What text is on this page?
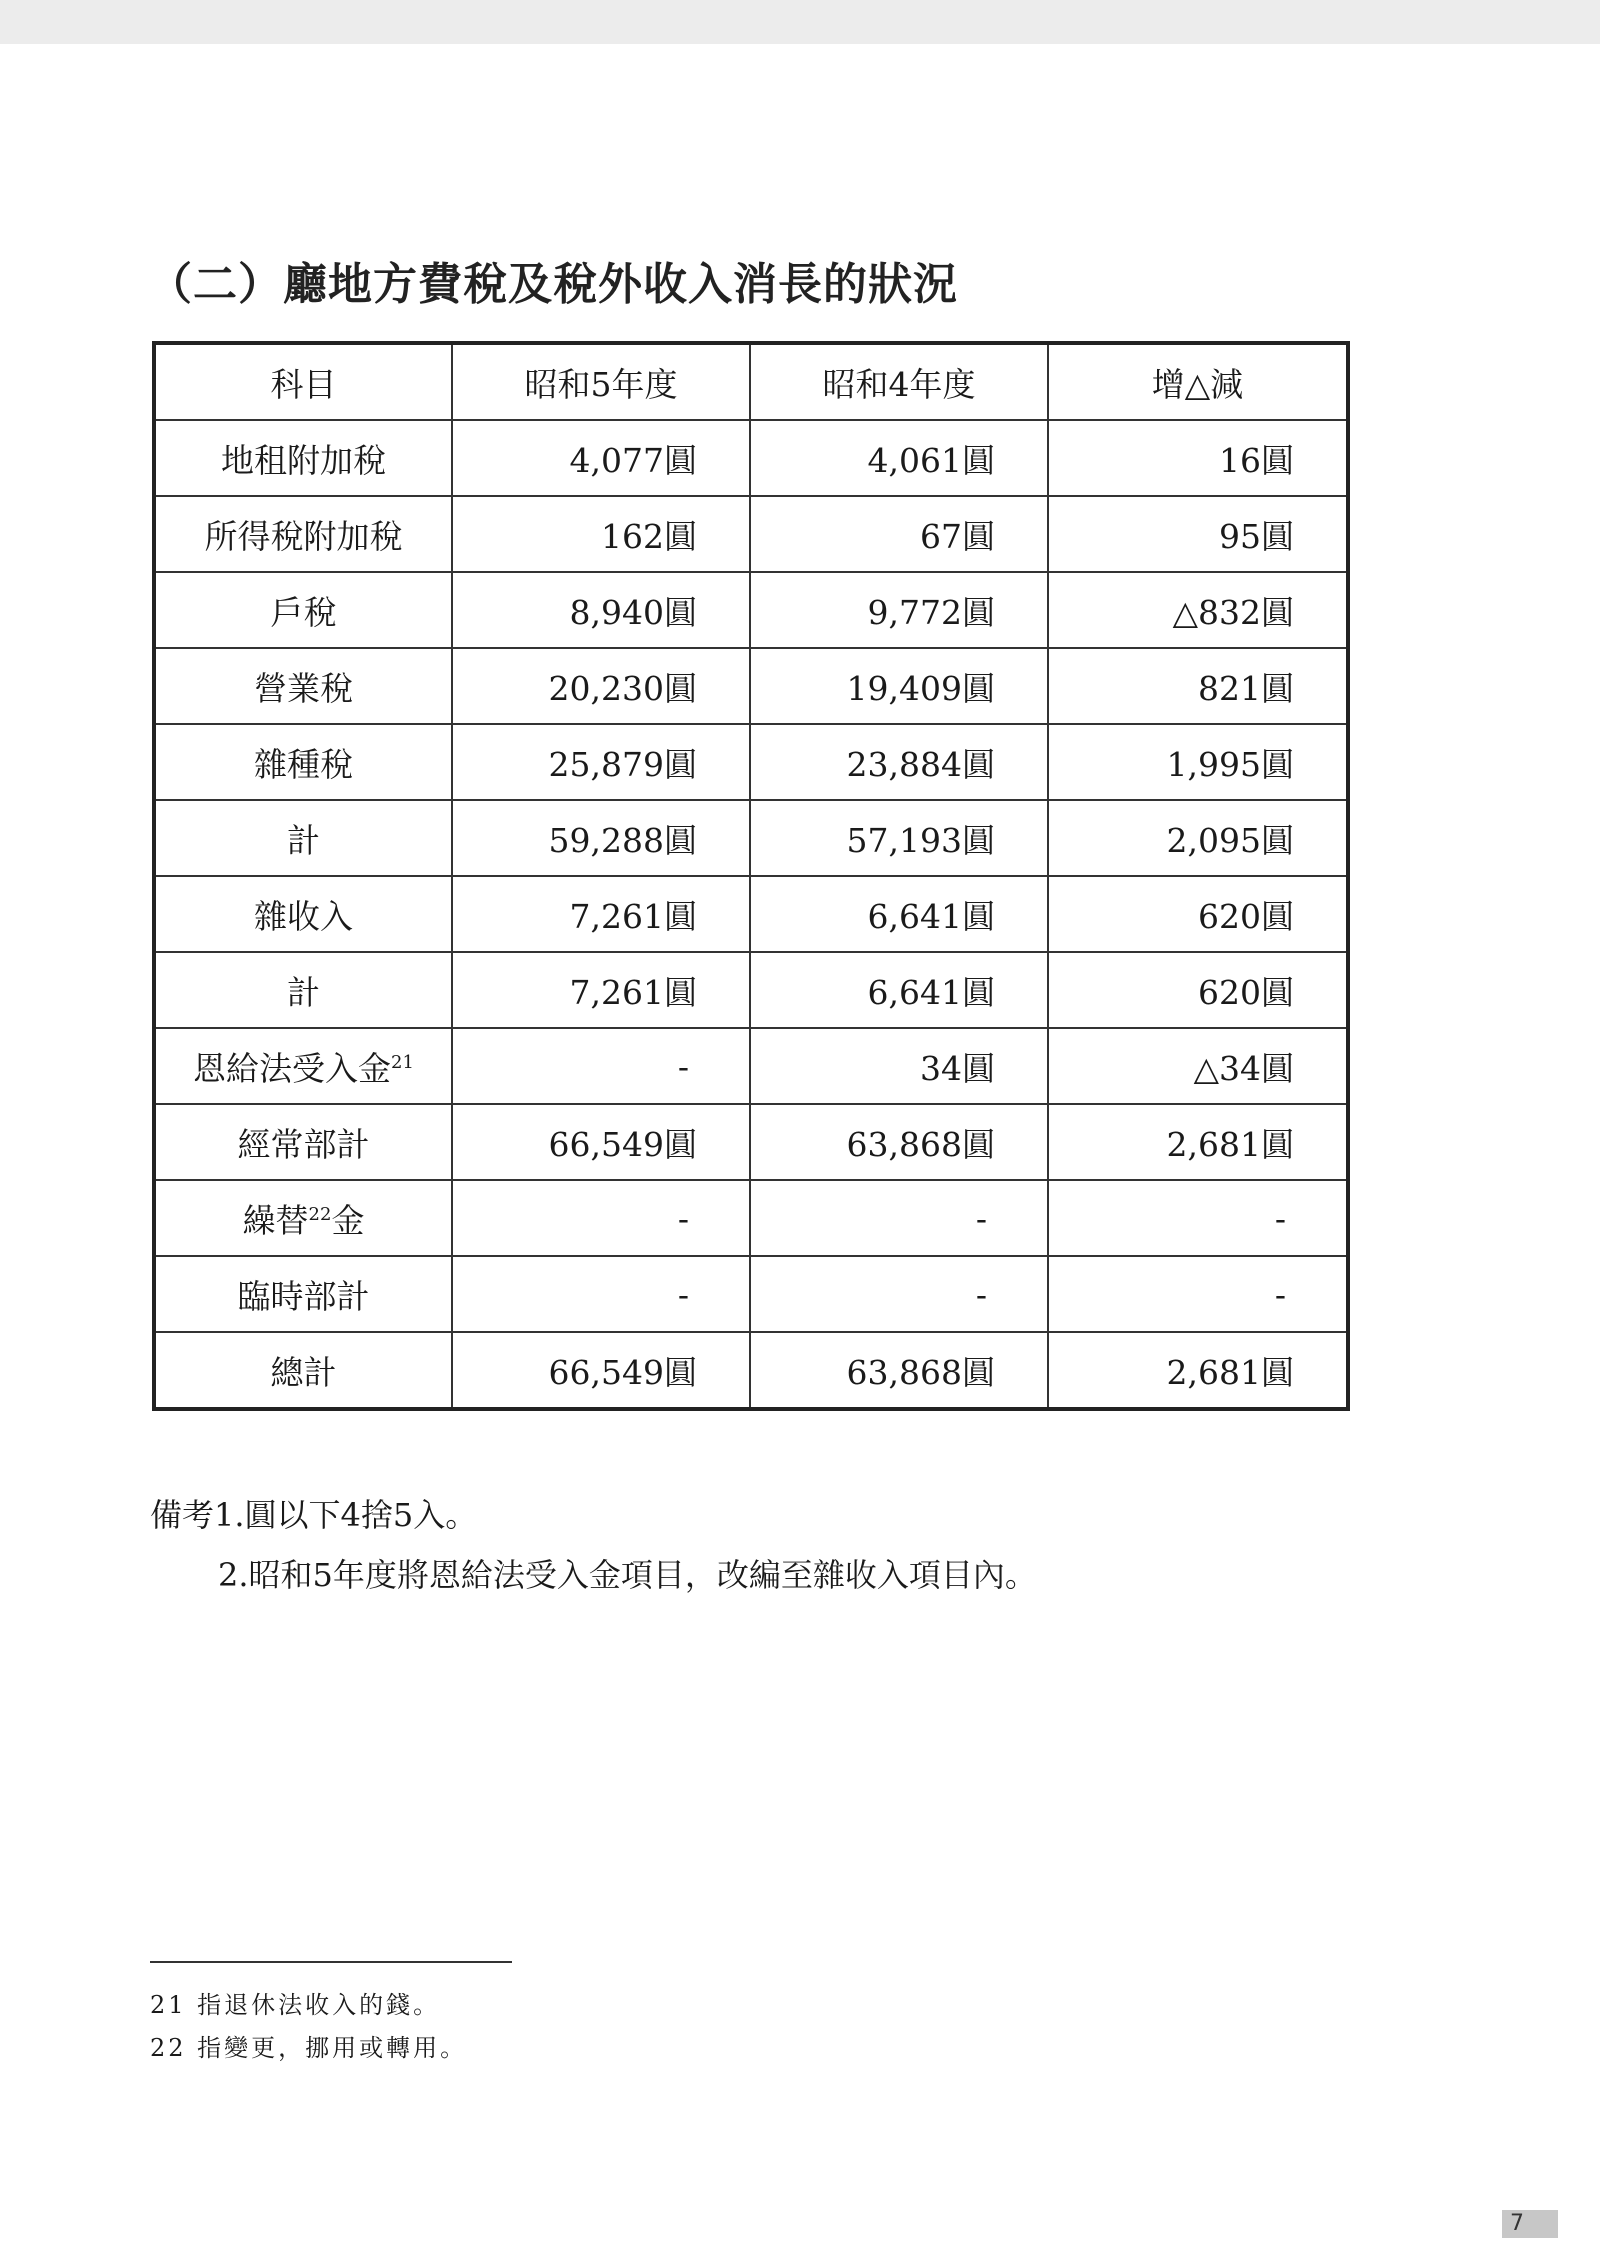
（二）廳地方費稅及稅外收入消長的狀況
科目	昭和5年度	昭和4年度	增△減
地租附加稅	4,077圓	4,061圓	16圓
所得稅附加稅	162圓	67圓	95圓
戶稅	8,940圓	9,772圓	△832圓
營業稅	20,230圓	19,409圓	821圓
雜種稅	25,879圓	23,884圓	1,995圓
計	59,288圓	57,193圓	2,095圓
雜收入	7,261圓	6,641圓	620圓
計	7,261圓	6,641圓	620圓
恩給法受入金$^{21}$	-	34圓	△34圓
經常部計	66,549圓	63,868圓	2,681圓
繰替$^{22}$金	-	-	-
臨時部計	-	-	-
總計	66,549圓	63,868圓	2,681圓
備考1.圓以下4捨5入。
2.昭和5年度將恩給法受入金項目，改編至雜收入項目內。
21 指退休法收入的錢。
22 指變更，挪用或轉用。
7
